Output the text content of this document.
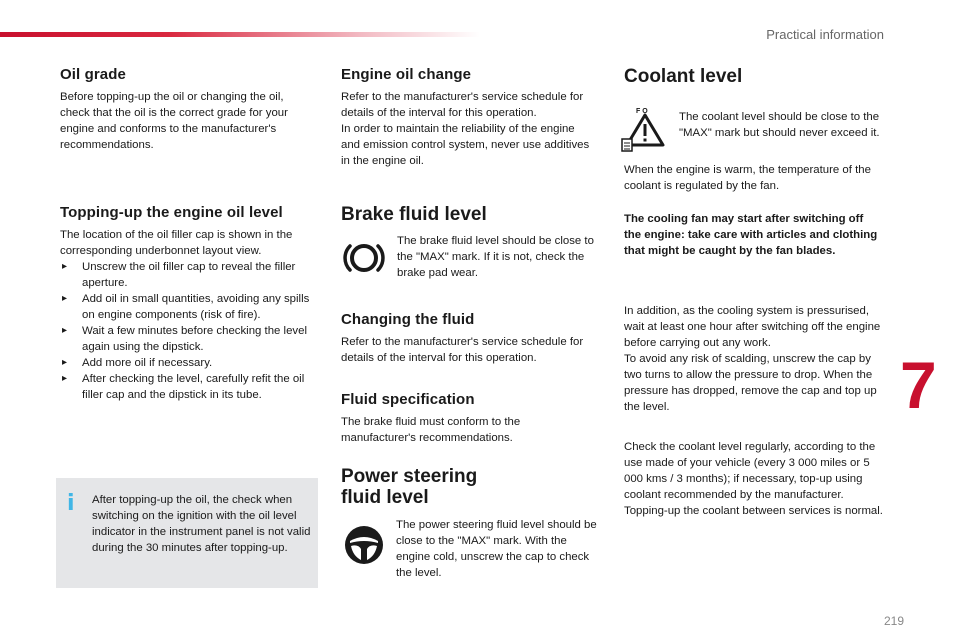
Practical information
Oil grade

Before topping-up the oil or changing the oil, check that the oil is the correct grade for your engine and conforms to the manufacturer's recommendations.

Topping-up the engine oil level

The location of the oil filler cap is shown in the corresponding underbonnet layout view.

▸ Unscrew the oil filler cap to reveal the filler aperture.
▸ Add oil in small quantities, avoiding any spills on engine components (risk of fire).
▸ Wait a few minutes before checking the level again using the dipstick.
▸ Add more oil if necessary.
▸ After checking the level, carefully refit the oil filler cap and the dipstick in its tube.
i After topping-up the oil, the check when switching on the ignition with the oil level indicator in the instrument panel is not valid during the 30 minutes after topping-up.

Engine oil change

Refer to the manufacturer's service schedule for details of the interval for this operation.
In order to maintain the reliability of the engine and emission control system, never use additives in the engine oil.

Brake fluid level

The brake fluid level should be close to the "MAX" mark. If it is not, check the brake pad wear.

Changing the fluid

Refer to the manufacturer's service schedule for details of the interval for this operation.

Fluid specification

The brake fluid must conform to the manufacturer's recommendations.

Power steering
fluid level

The power steering fluid level should be close to the "MAX" mark. With the engine cold, unscrew the cap to check the level.

Coolant level
F O	The coolant level should be close to the "MAX" mark but should never exceed it.

When the engine is warm, the temperature of the coolant is regulated by the fan.

The cooling fan may start after switching off the engine: take care with articles and clothing that might be caught by the fan blades.

In addition, as the cooling system is pressurised, wait at least one hour after switching off the engine before carrying out any work.
To avoid any risk of scalding, unscrew the cap by two turns to allow the pressure to drop. When the pressure has dropped, remove the cap and top up the level.

Check the coolant level regularly, according to the use made of your vehicle (every 3 000 miles or 5 000 kms / 3 months); if necessary, top-up using coolant recommended by the manufacturer.
Topping-up the coolant between services is normal.

7
219
